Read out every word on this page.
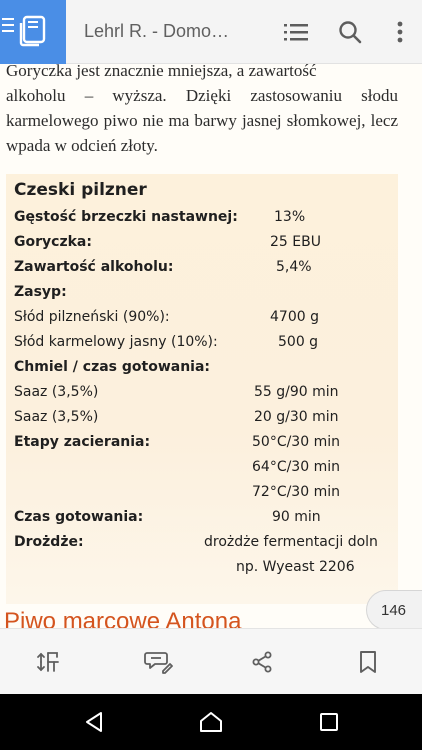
Lehrl R. - Domo…

Goryczka jest znacznie mniejsza, a zawartość

alkoholu – wyższa. Dzięki zastosowaniu słodu karmelowego piwo nie ma barwy jasnej słomkowej, lecz wpada w odcień złoty.

Czeski pilzner
Gęstość brzeczki nastawnej:	13%
Goryczka:	25 EBU
Zawartość alkoholu:	5,4%
Zasyp:
Słód pilzneński (90%):	4700 g
Słód karmelowy jasny (10%):	500 g
Chmiel / czas gotowania:
Saaz (3,5%)	55 g/90 min
Saaz (3,5%)	20 g/30 min
Etapy zacierania:	50°C/30 min
64°C/30 min
72°C/30 min
Czas gotowania:	90 min
Drożdże:	drożdże fermentacji doln
np. Wyeast 2206
Piwo marcowe Antona	146
